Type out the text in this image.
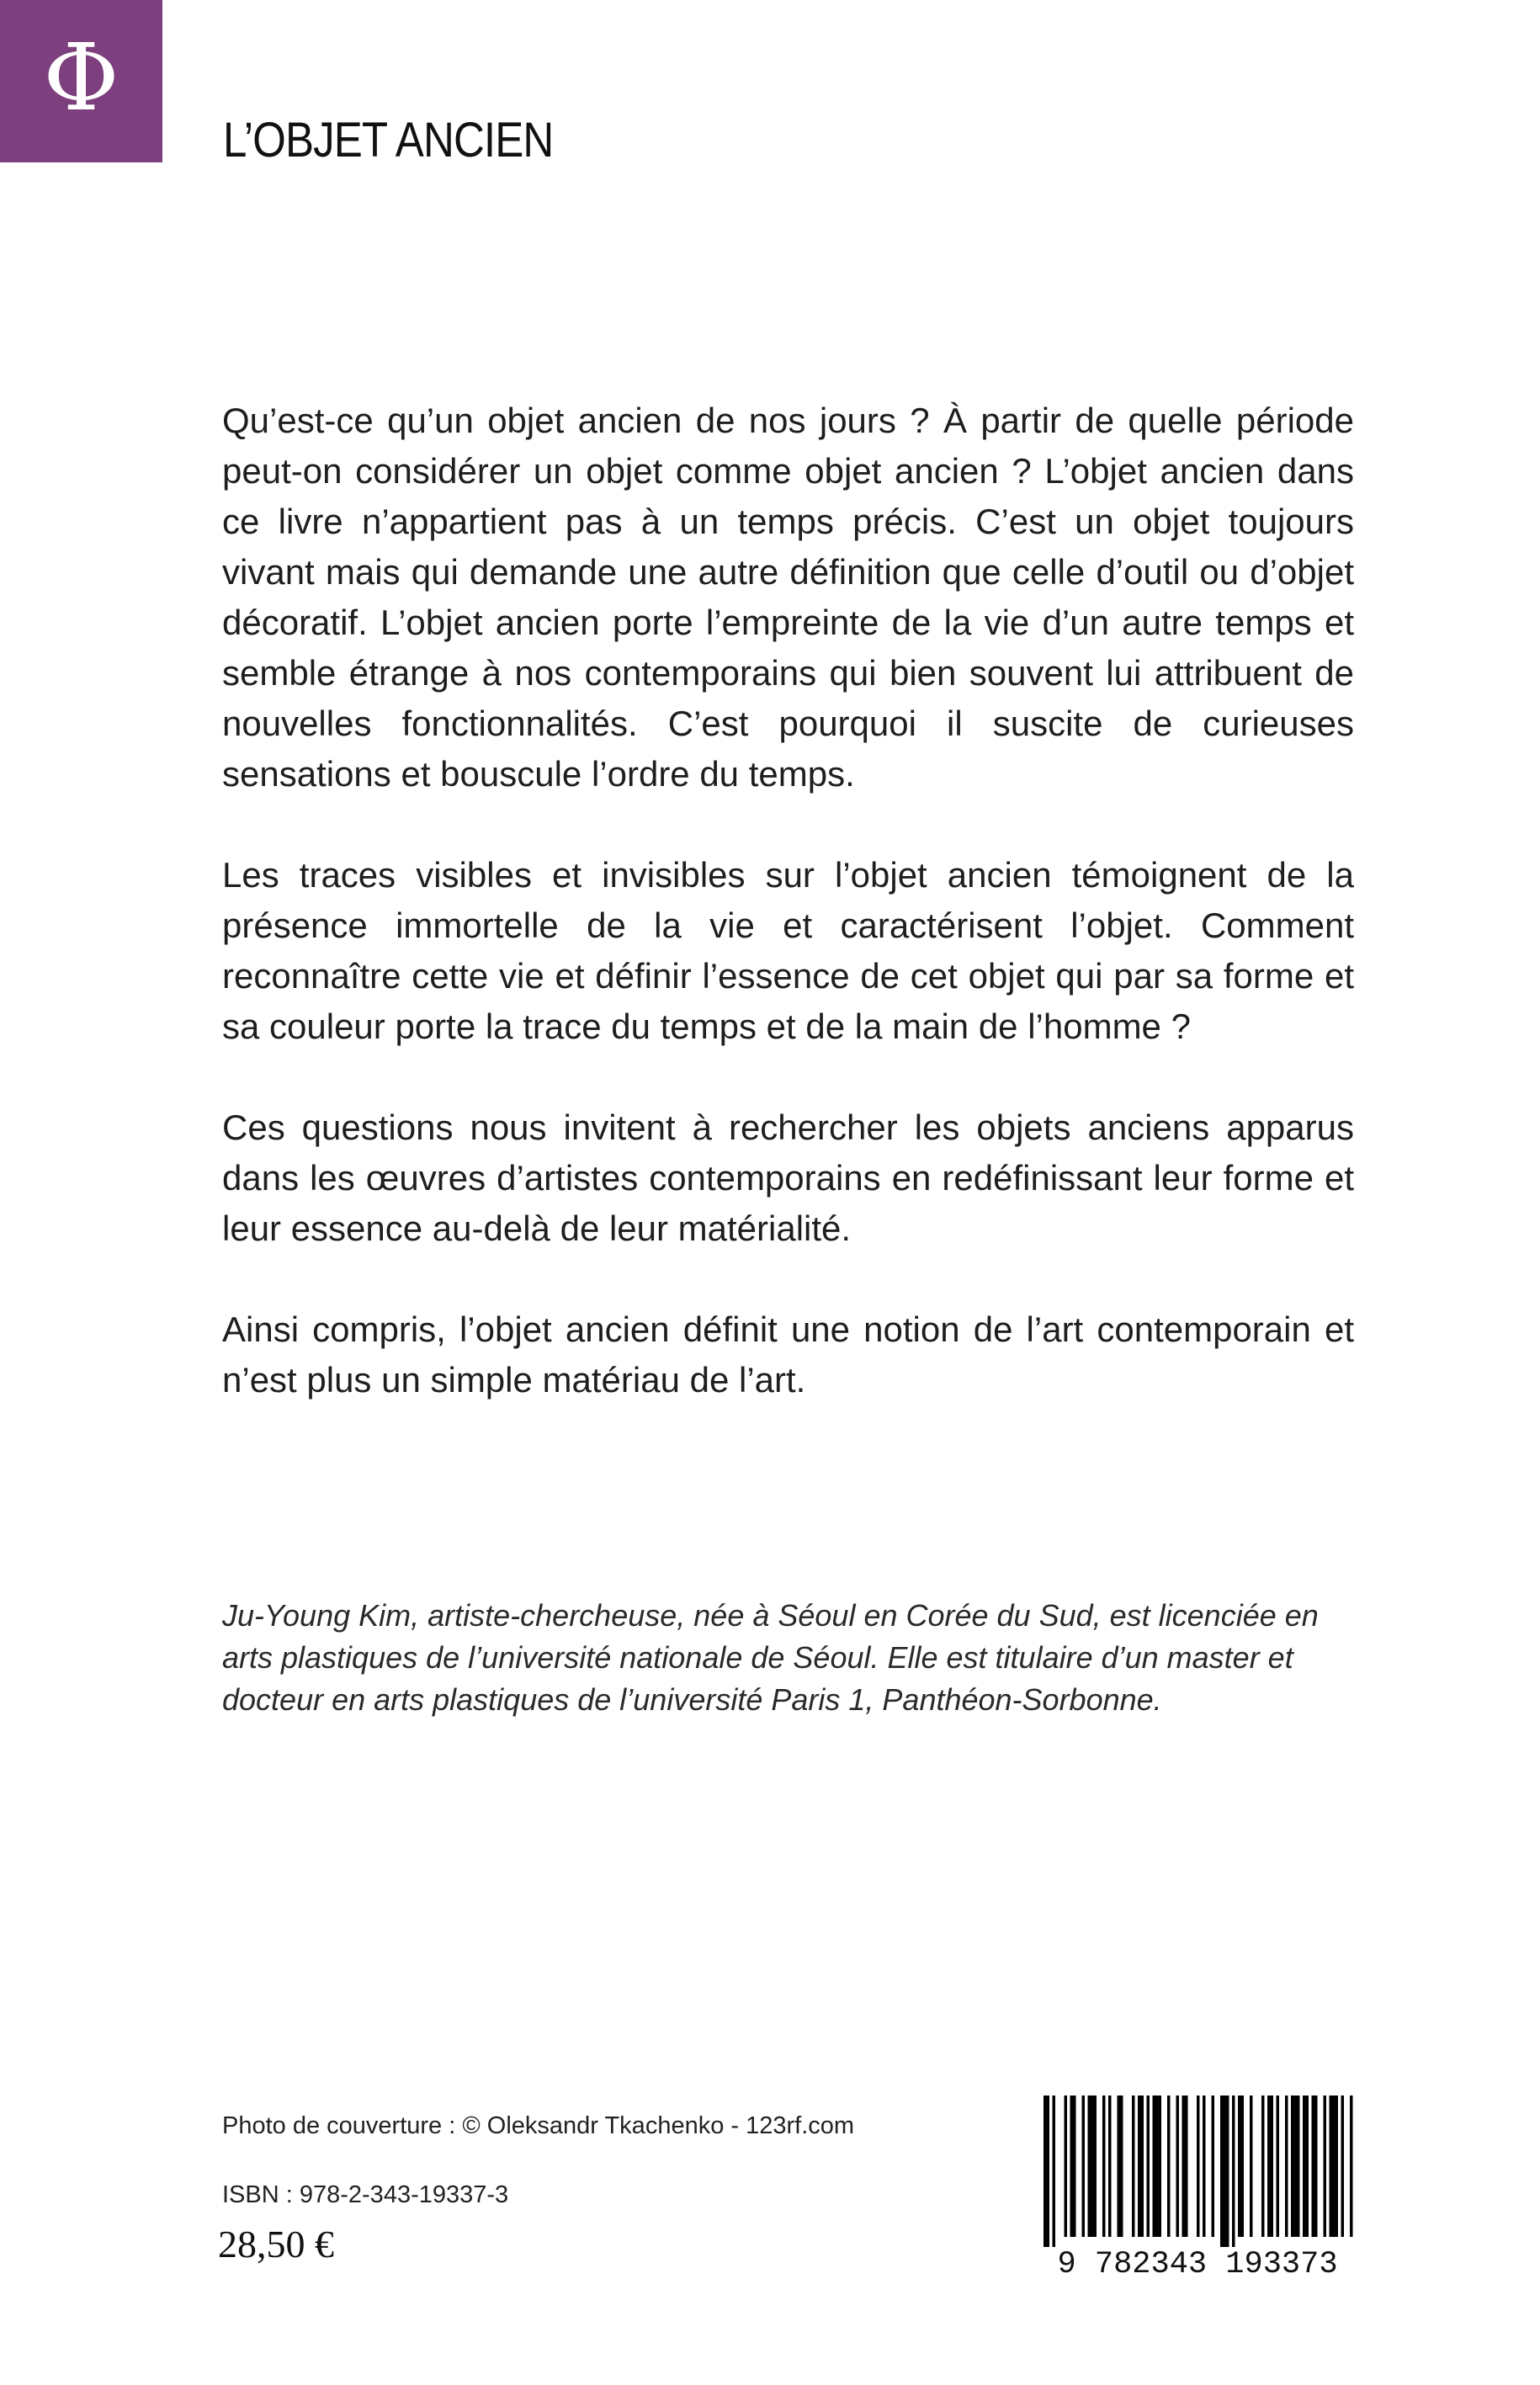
Φ
L’OBJET ANCIEN

Qu’est-ce qu’un objet ancien de nos jours ? À partir de quelle période peut-on considérer un objet comme objet ancien ? L’objet ancien dans ce livre n’appartient pas à un temps précis. C’est un objet toujours vivant mais qui demande une autre définition que celle d’outil ou d’objet décoratif. L’objet ancien porte l’empreinte de la vie d’un autre temps et semble étrange à nos contemporains qui bien souvent lui attribuent de nouvelles fonctionnalités. C’est pourquoi il suscite de curieuses sensations et bouscule l’ordre du temps.

Les traces visibles et invisibles sur l’objet ancien témoignent de la présence immortelle de la vie et caractérisent l’objet. Comment reconnaître cette vie et définir l’essence de cet objet qui par sa forme et sa couleur porte la trace du temps et de la main de l’homme ?

Ces questions nous invitent à rechercher les objets anciens apparus dans les œuvres d’artistes contemporains en redéfinissant leur forme et leur essence au-delà de leur matérialité.

Ainsi compris, l’objet ancien définit une notion de l’art contemporain et n’est plus un simple matériau de l’art.

Ju-Young Kim, artiste-chercheuse, née à Séoul en Corée du Sud, est licenciée en arts plastiques de l’université nationale de Séoul. Elle est titulaire d’un master et docteur en arts plastiques de l’université Paris 1, Panthéon-Sorbonne.

Photo de couverture : © Oleksandr Tkachenko - 123rf.com
ISBN : 978-2-343-19337-3
28,50 €	9 782343 193373
